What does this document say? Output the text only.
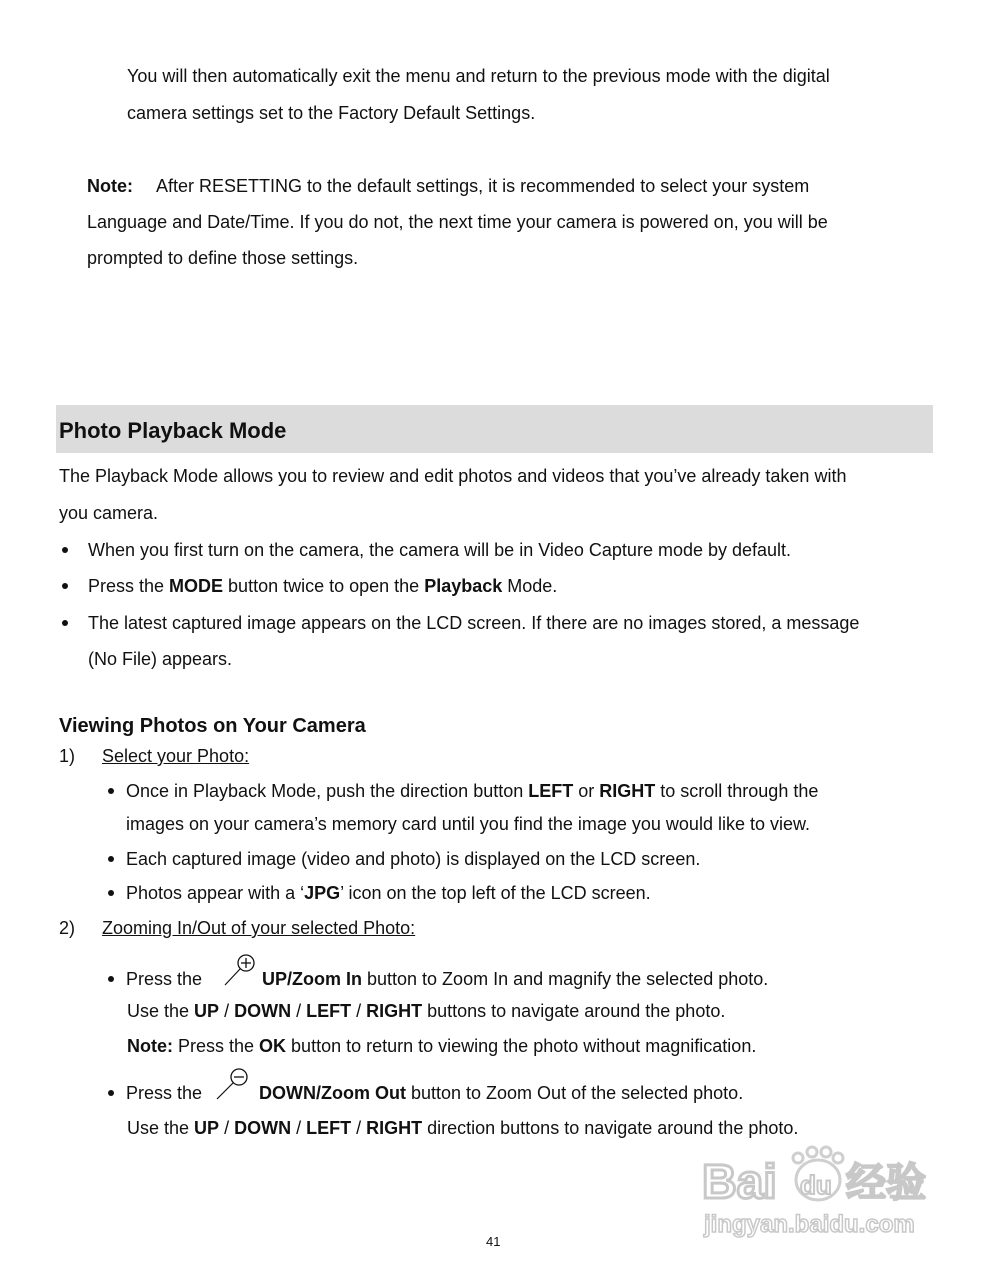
You will then automatically exit the menu and return to the previous mode with the digital
camera settings set to the Factory Default Settings.
Note: After RESETTING to the default settings, it is recommended to select your system
Language and Date/Time. If you do not, the next time your camera is powered on, you will be
prompted to define those settings.
Photo Playback Mode
The Playback Mode allows you to review and edit photos and videos that you’ve already taken with
you camera.
When you first turn on the camera, the camera will be in Video Capture mode by default.
Press the MODE button twice to open the Playback Mode.
The latest captured image appears on the LCD screen. If there are no images stored, a message
(No File) appears.
Viewing Photos on Your Camera
1) Select your Photo:
Once in Playback Mode, push the direction button LEFT or RIGHT to scroll through the
images on your camera’s memory card until you find the image you would like to view.
Each captured image (video and photo) is displayed on the LCD screen.
Photos appear with a ‘JPG’ icon on the top left of the LCD screen.
2) Zooming In/Out of your selected Photo:
Press the	UP/Zoom In button to Zoom In and magnify the selected photo.
Use the UP / DOWN / LEFT / RIGHT buttons to navigate around the photo.
Note: Press the OK button to return to viewing the photo without magnification.
Press the	DOWN/Zoom Out button to Zoom Out of the selected photo.
Use the UP / DOWN / LEFT / RIGHT direction buttons to navigate around the photo.
Bai du 经验
jingyan.baidu.com
41
